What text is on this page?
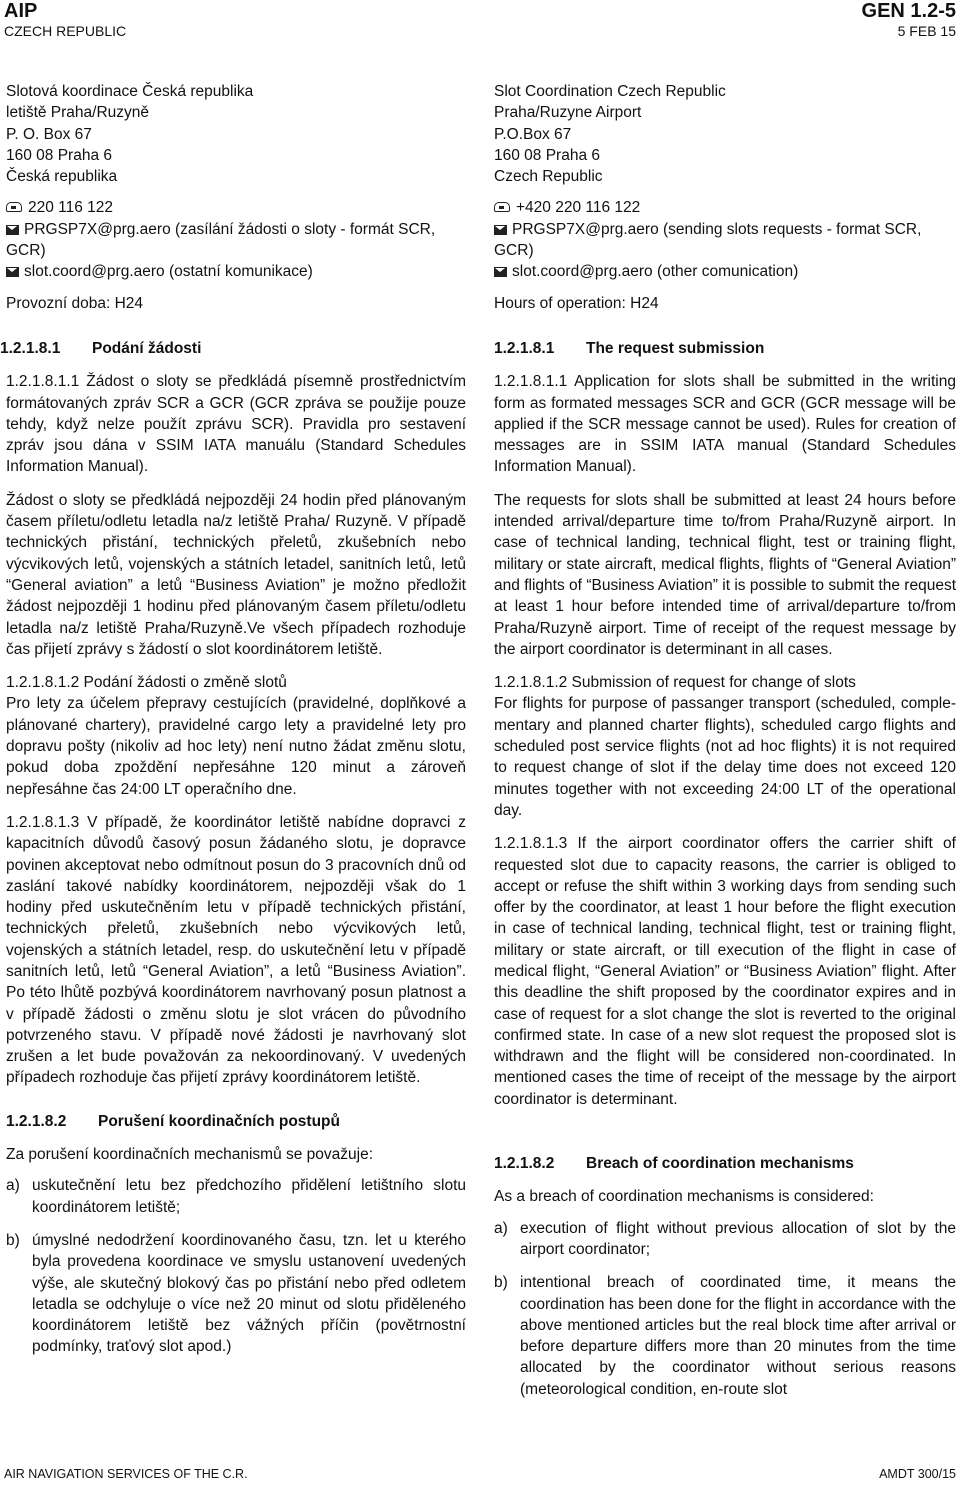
AIP
CZECH REPUBLIC
GEN 1.2-5
5 FEB 15

Slotová koordinace Česká republika

letiště Praha/Ruzyně

P. O. Box 67

160 08 Praha 6

Česká republika

220 116 122

PRGSP7X@prg.aero (zasílání žádosti o sloty - formát SCR, GCR)

slot.coord@prg.aero (ostatní komunikace)

Provozní doba: H24

1.2.1.8.1 Podání žádosti

1.2.1.8.1.1 Žádost o sloty se předkládá písemně prostřednictvím formátovaných zpráv SCR a GCR (GCR zpráva se použije pouze tehdy, když nelze použít zprávu SCR). Pravidla pro sestavení zpráv jsou dána v SSIM IATA manuálu (Standard Schedules Information Manual).

Žádost o sloty se předkládá nejpozději 24 hodin před plánovaným časem příletu/odletu letadla na/z letiště Praha/ Ruzyně. V případě technických přistání, technických přeletů, zkušebních nebo výcvikových letů, vojenských a státních letadel, sanitních letů, letů “General aviation” a letů “Business Aviation” je možno předložit žádost nejpozději 1 hodinu před plánovaným časem příletu/odletu letadla na/z letiště Praha/Ruzyně.Ve všech případech rozhoduje čas přijetí zprávy s žádostí o slot koordinátorem letiště.

1.2.1.8.1.2 Podání žádosti o změně slotů

Pro lety za účelem přepravy cestujících (pravidelné, doplňkové a plánované chartery), pravidelné cargo lety a pravidelné lety pro dopravu pošty (nikoliv ad hoc lety) není nutno žádat změnu slotu, pokud doba zpoždění nepřesáhne 120 minut a zároveň nepřesáhne čas 24:00 LT operačního dne.

1.2.1.8.1.3 V případě, že koordinátor letiště nabídne dopravci z kapacitních důvodů časový posun žádaného slotu, je dopravce povinen akceptovat nebo odmítnout posun do 3 pracovních dnů od zaslání takové nabídky koordinátorem, nejpozději však do 1 hodiny před uskutečněním letu v případě technických přistání, technických přeletů, zkušebních nebo výcvikových letů, vojenských a státních letadel, resp. do uskutečnění letu v případě sanitních letů, letů “General Aviation”, a letů “Business Aviation”. Po této lhůtě pozbývá koordinátorem navrhovaný posun platnost a v případě žádosti o změnu slotu je slot vrácen do původního potvrzeného stavu. V případě nové žádosti je navrhovaný slot zrušen a let bude považován za nekoordinovaný. V uvedených případech rozhoduje čas přijetí zprávy koordinátorem letiště.

1.2.1.8.2 Porušení koordinačních postupů

Za porušení koordinačních mechanismů se považuje:

a) uskutečnění letu bez předchozího přidělení letištního slotu koordinátorem letiště;
b) úmyslné nedodržení koordinovaného času, tzn. let u kterého byla provedena koordinace ve smyslu ustanovení uvedených výše, ale skutečný blokový čas po přistání nebo před odletem letadla se odchyluje o více než 20 minut od slotu přiděleného koordinátorem letiště bez vážných příčin (povětrnostní podmínky, traťový slot apod.)

Slot Coordination Czech Republic

Praha/Ruzyne Airport

P.O.Box 67

160 08 Praha 6

Czech Republic

+420 220 116 122

PRGSP7X@prg.aero (sending slots requests - format SCR, GCR)

slot.coord@prg.aero (other comunication)

Hours of operation: H24

1.2.1.8.1 The request submission

1.2.1.8.1.1 Application for slots shall be submitted in the writing form as formated messages SCR and GCR (GCR message will be applied if the SCR message cannot be used). Rules for creation of messages are in SSIM IATA manual (Standard Schedules Information Manual).

The requests for slots shall be submitted at least 24 hours before intended arrival/departure time to/from Praha/Ruzyně airport. In case of technical landing, technical flight, test or training flight, military or state aircraft, medical flights, flights of “General Aviation” and flights of “Business Aviation” it is possible to submit the request at least 1 hour before intended time of arrival/departure to/from Praha/Ruzyně airport. Time of receipt of the request message by the airport coordinator is determinant in all cases.

1.2.1.8.1.2 Submission of request for change of slots

For flights for purpose of passanger transport (scheduled, comple-mentary and planned charter flights), scheduled cargo flights and scheduled post service flights (not ad hoc flights) it is not required to request change of slot if the delay time does not exceed 120 minutes together with not exceeding 24:00 LT of the operational day.

1.2.1.8.1.3 If the airport coordinator offers the carrier shift of requested slot due to capacity reasons, the carrier is obliged to accept or refuse the shift within 3 working days from sending such offer by the coordinator, at least 1 hour before the flight execution in case of technical landing, technical flight, test or training flight, military or state aircraft, or till execution of the flight in case of medical flight, “General Aviation” or “Business Aviation” flight. After this deadline the shift proposed by the coordinator expires and in case of request for a slot change the slot is reverted to the original confirmed state. In case of a new slot request the proposed slot is withdrawn and the flight will be considered non-coordinated. In mentioned cases the time of receipt of the message by the airport coordinator is determinant.

1.2.1.8.2 Breach of coordination mechanisms

As a breach of coordination mechanisms is considered:

a) execution of flight without previous allocation of slot by the airport coordinator;
b) intentional breach of coordinated time, it means the coordination has been done for the flight in accordance with the above mentioned articles but the real block time after arrival or before departure differs more than 20 minutes from the time allocated by the coordinator without serious reasons (meteorological condition, en-route slot
AIR NAVIGATION SERVICES OF THE C.R.	AMDT 300/15
